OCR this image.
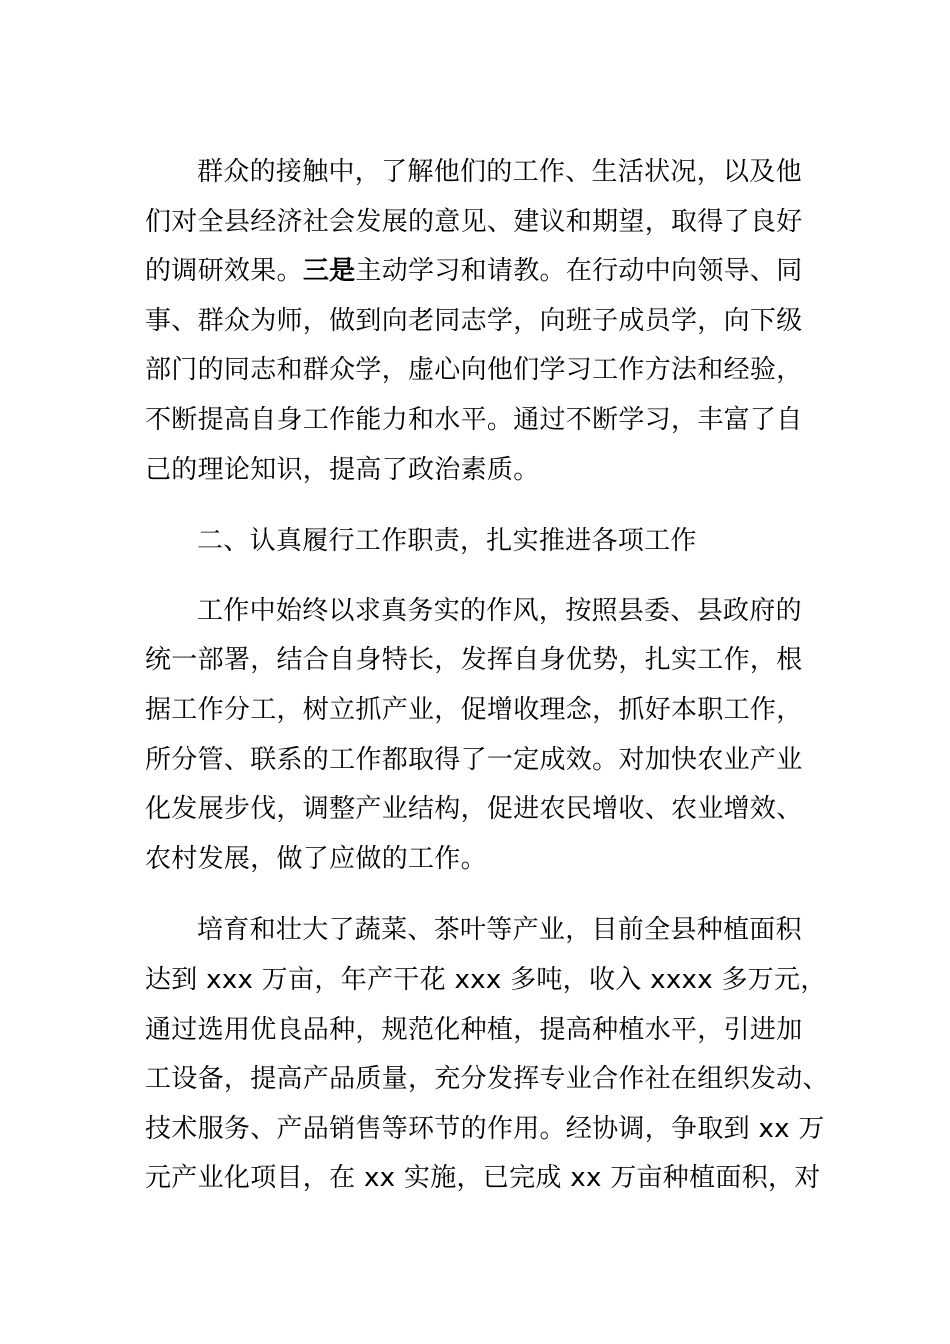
群众的接触中，了解他们的工作、生活状况，以及他
们对全县经济社会发展的意见、建议和期望，取得了良好
的调研效果。三是主动学习和请教。在行动中向领导、同
事、群众为师，做到向老同志学，向班子成员学，向下级
部门的同志和群众学，虚心向他们学习工作方法和经验，
不断提高自身工作能力和水平。通过不断学习，丰富了自
己的理论知识，提高了政治素质。

二、认真履行工作职责，扎实推进各项工作

工作中始终以求真务实的作风，按照县委、县政府的
统一部署，结合自身特长，发挥自身优势，扎实工作，根
据工作分工，树立抓产业，促增收理念，抓好本职工作，
所分管、联系的工作都取得了一定成效。对加快农业产业
化发展步伐，调整产业结构，促进农民增收、农业增效、
农村发展，做了应做的工作。
培育和壮大了蔬菜、茶叶等产业，目前全县种植面积
达到 xxx 万亩，年产干花 xxx 多吨，收入 xxxx 多万元，
通过选用优良品种，规范化种植，提高种植水平，引进加
工设备，提高产品质量，充分发挥专业合作社在组织发动、
技术服务、产品销售等环节的作用。经协调，争取到 xx 万
元产业化项目，在 xx 实施，已完成 xx 万亩种植面积，对
